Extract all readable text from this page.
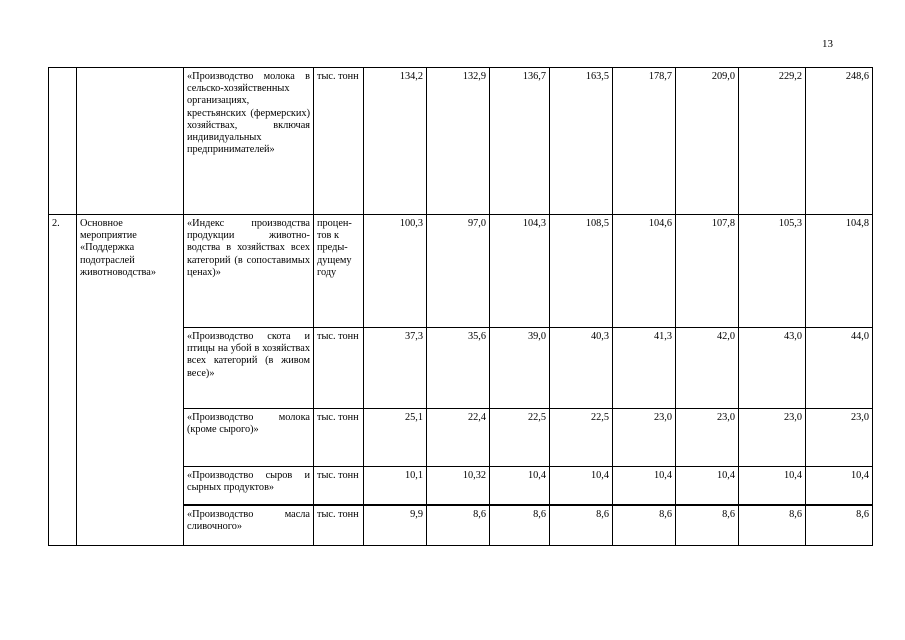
13
		«Производство молока в сельско-хозяйственных организациях, крестьянских (фермерских) хозяйствах, включая индивидуальных предпринимателей»	тыс. тонн	134,2	132,9	136,7	163,5	178,7	209,0	229,2	248,6
2.	Основное мероприятие «Поддержка подотраслей животноводства»	«Индекс производства продукции животно-водства в хозяйствах всех категорий (в сопоставимых ценах)»	процен-тов к преды-дущему году	100,3	97,0	104,3	108,5	104,6	107,8	105,3	104,8
		«Производство скота и птицы на убой в хозяйствах всех категорий (в живом весе)»	тыс. тонн	37,3	35,6	39,0	40,3	41,3	42,0	43,0	44,0
		«Производство молока (кроме сырого)»	тыс. тонн	25,1	22,4	22,5	22,5	23,0	23,0	23,0	23,0
		«Производство сыров и сырных продуктов»	тыс. тонн	10,1	10,32	10,4	10,4	10,4	10,4	10,4	10,4
		«Производство масла сливочного»	тыс. тонн	9,9	8,6	8,6	8,6	8,6	8,6	8,6	8,6
